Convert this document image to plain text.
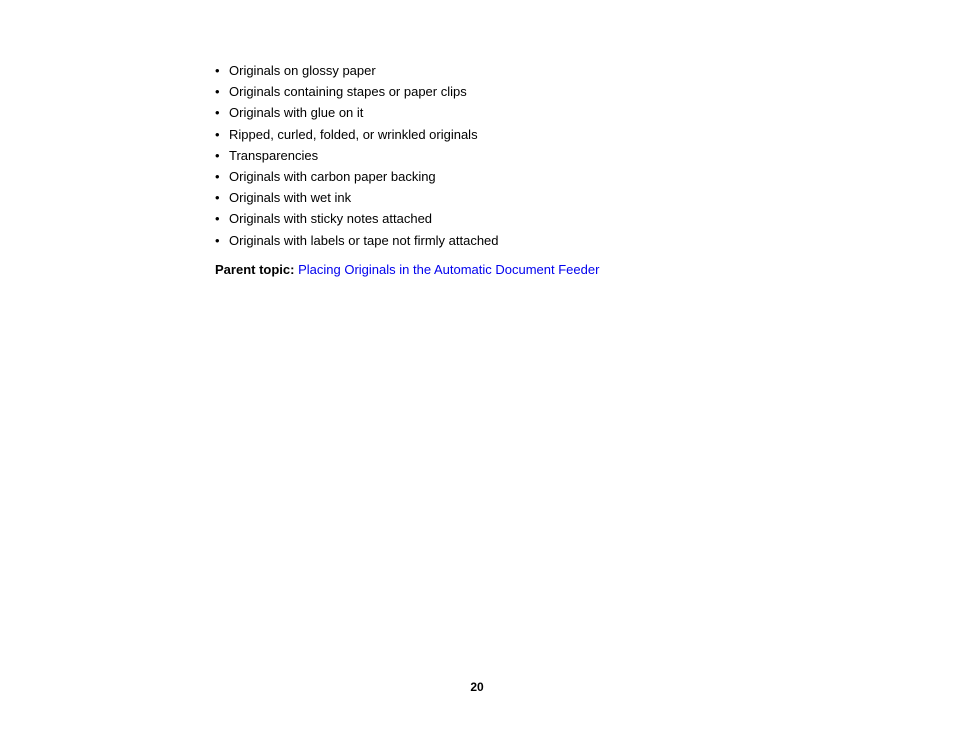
• Originals on glossy paper
• Originals containing stapes or paper clips
• Originals with glue on it
• Ripped, curled, folded, or wrinkled originals
• Transparencies
• Originals with carbon paper backing
• Originals with wet ink
• Originals with sticky notes attached
• Originals with labels or tape not firmly attached
Parent topic: Placing Originals in the Automatic Document Feeder
20
